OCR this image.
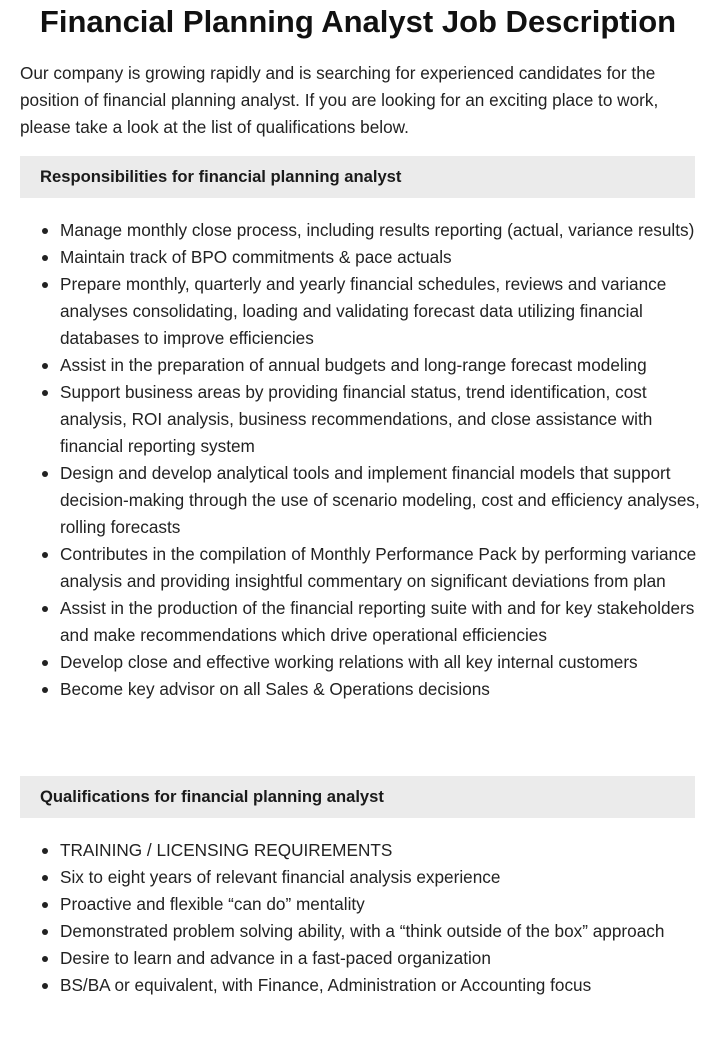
Financial Planning Analyst Job Description

Our company is growing rapidly and is searching for experienced candidates for the position of financial planning analyst. If you are looking for an exciting place to work, please take a look at the list of qualifications below.

Responsibilities for financial planning analyst
Manage monthly close process, including results reporting (actual, variance results)
Maintain track of BPO commitments & pace actuals
Prepare monthly, quarterly and yearly financial schedules, reviews and variance analyses consolidating, loading and validating forecast data utilizing financial databases to improve efficiencies
Assist in the preparation of annual budgets and long-range forecast modeling
Support business areas by providing financial status, trend identification, cost analysis, ROI analysis, business recommendations, and close assistance with financial reporting system
Design and develop analytical tools and implement financial models that support decision-making through the use of scenario modeling, cost and efficiency analyses, rolling forecasts
Contributes in the compilation of Monthly Performance Pack by performing variance analysis and providing insightful commentary on significant deviations from plan
Assist in the production of the financial reporting suite with and for key stakeholders and make recommendations which drive operational efficiencies
Develop close and effective working relations with all key internal customers
Become key advisor on all Sales & Operations decisions
Qualifications for financial planning analyst
TRAINING / LICENSING REQUIREMENTS
Six to eight years of relevant financial analysis experience
Proactive and flexible “can do” mentality
Demonstrated problem solving ability, with a “think outside of the box” approach
Desire to learn and advance in a fast-paced organization
BS/BA or equivalent, with Finance, Administration or Accounting focus
